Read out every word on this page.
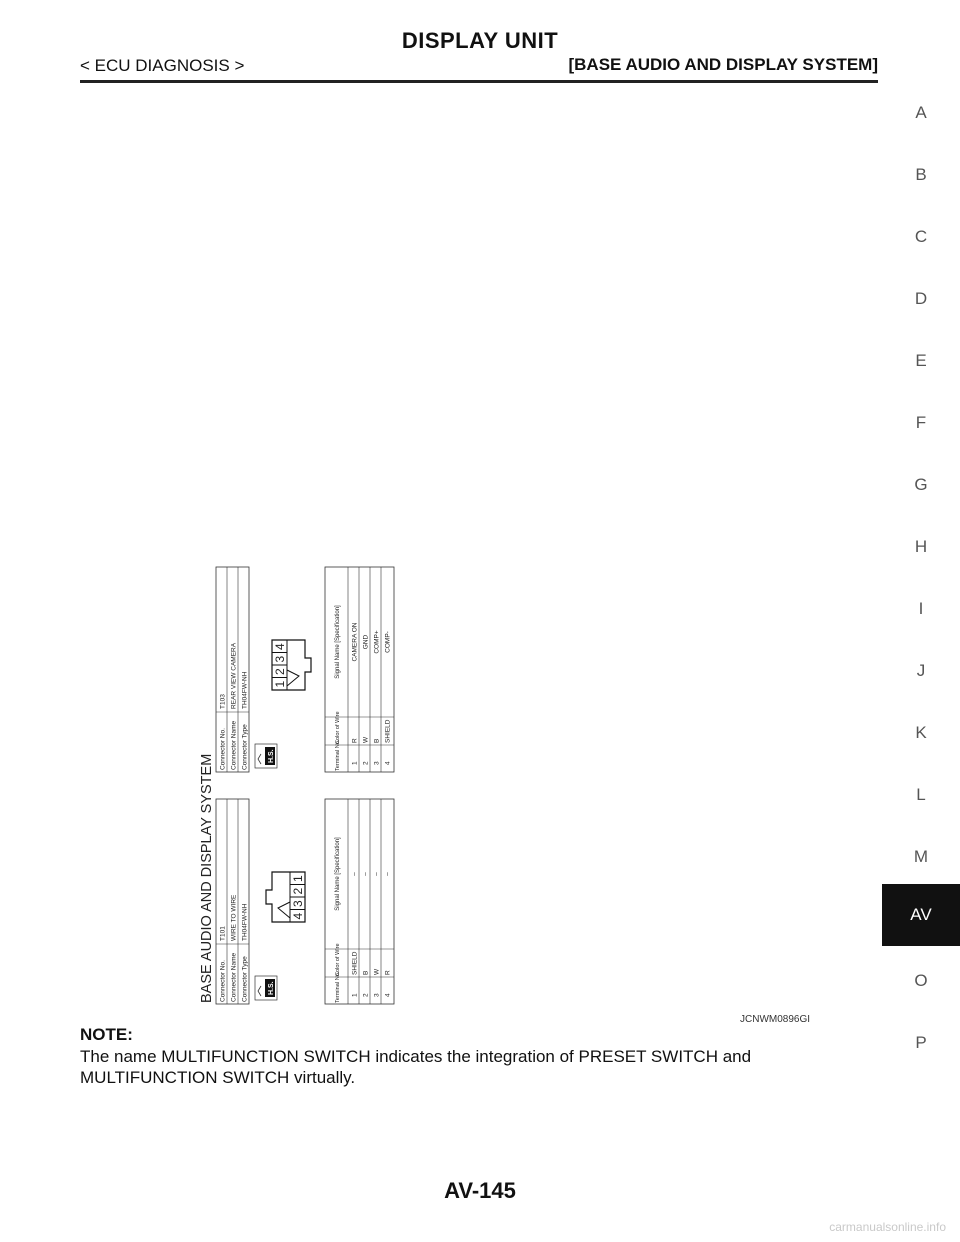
DISPLAY UNIT
< ECU DIAGNOSIS >	[BASE AUDIO AND DISPLAY SYSTEM]
A
B
C
D
E
F
G
H
I
J
K
L
M
AV
O
P
BASE AUDIO AND DISPLAY SYSTEM Connector No.
T101
Connector Name
WIRE TO WIRE
Connector Type
TH04FW-NH
H.S.
4
3
2
1
Terminal No.
Color of Wire
Signal Name [Specification]
1
SHIELD
–
2
B
–
3
W
–
4
R
–
Connector No.
T103
Connector Name
REAR VIEW CAMERA
Connector Type
TH04FW-NH
H.S.
1
2
3
4
Terminal No.
Color of Wire
Signal Name [Specification]
1
R
CAMERA ON
2
W
GND
3
B
COMP+
4
SHIELD
COMP-
JCNWM0896GI
NOTE:
The name MULTIFUNCTION SWITCH indicates the integration of PRESET SWITCH and MULTIFUNCTION SWITCH virtually.
AV-145
carmanualsonline.info
